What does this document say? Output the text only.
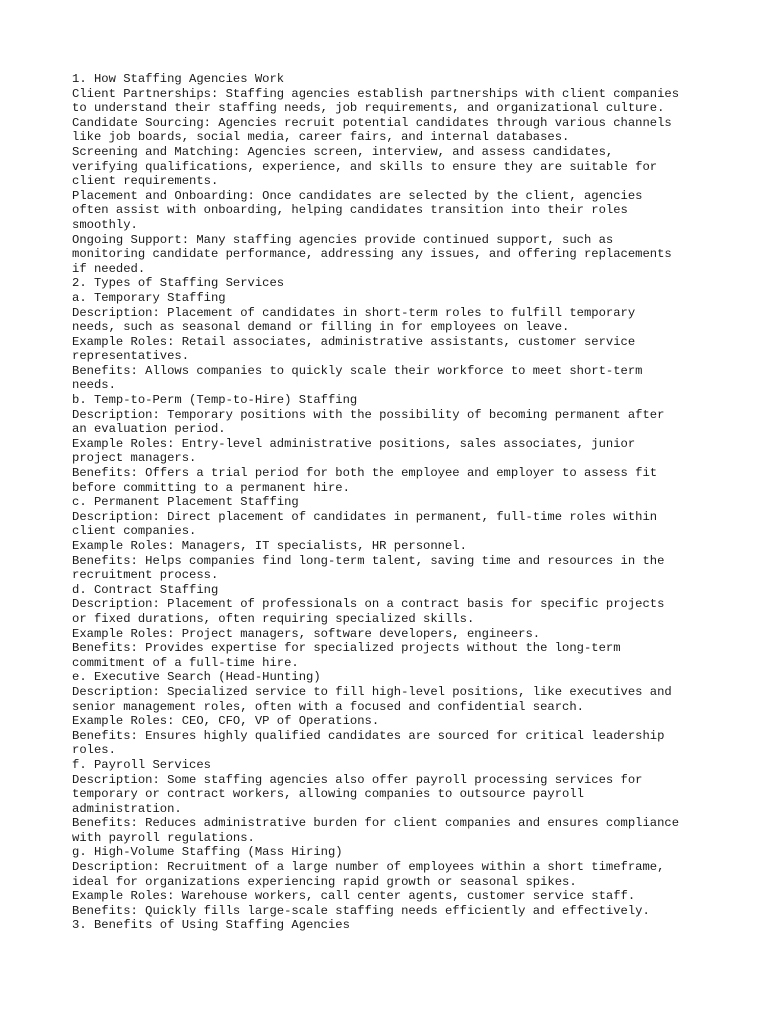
1. How Staffing Agencies Work
Client Partnerships: Staffing agencies establish partnerships with client companies
to understand their staffing needs, job requirements, and organizational culture.
Candidate Sourcing: Agencies recruit potential candidates through various channels
like job boards, social media, career fairs, and internal databases.
Screening and Matching: Agencies screen, interview, and assess candidates,
verifying qualifications, experience, and skills to ensure they are suitable for
client requirements.
Placement and Onboarding: Once candidates are selected by the client, agencies
often assist with onboarding, helping candidates transition into their roles
smoothly.
Ongoing Support: Many staffing agencies provide continued support, such as
monitoring candidate performance, addressing any issues, and offering replacements
if needed.
2. Types of Staffing Services
a. Temporary Staffing
Description: Placement of candidates in short-term roles to fulfill temporary
needs, such as seasonal demand or filling in for employees on leave.
Example Roles: Retail associates, administrative assistants, customer service
representatives.
Benefits: Allows companies to quickly scale their workforce to meet short-term
needs.
b. Temp-to-Perm (Temp-to-Hire) Staffing
Description: Temporary positions with the possibility of becoming permanent after
an evaluation period.
Example Roles: Entry-level administrative positions, sales associates, junior
project managers.
Benefits: Offers a trial period for both the employee and employer to assess fit
before committing to a permanent hire.
c. Permanent Placement Staffing
Description: Direct placement of candidates in permanent, full-time roles within
client companies.
Example Roles: Managers, IT specialists, HR personnel.
Benefits: Helps companies find long-term talent, saving time and resources in the
recruitment process.
d. Contract Staffing
Description: Placement of professionals on a contract basis for specific projects
or fixed durations, often requiring specialized skills.
Example Roles: Project managers, software developers, engineers.
Benefits: Provides expertise for specialized projects without the long-term
commitment of a full-time hire.
e. Executive Search (Head-Hunting)
Description: Specialized service to fill high-level positions, like executives and
senior management roles, often with a focused and confidential search.
Example Roles: CEO, CFO, VP of Operations.
Benefits: Ensures highly qualified candidates are sourced for critical leadership
roles.
f. Payroll Services
Description: Some staffing agencies also offer payroll processing services for
temporary or contract workers, allowing companies to outsource payroll
administration.
Benefits: Reduces administrative burden for client companies and ensures compliance
with payroll regulations.
g. High-Volume Staffing (Mass Hiring)
Description: Recruitment of a large number of employees within a short timeframe,
ideal for organizations experiencing rapid growth or seasonal spikes.
Example Roles: Warehouse workers, call center agents, customer service staff.
Benefits: Quickly fills large-scale staffing needs efficiently and effectively.
3. Benefits of Using Staffing Agencies
